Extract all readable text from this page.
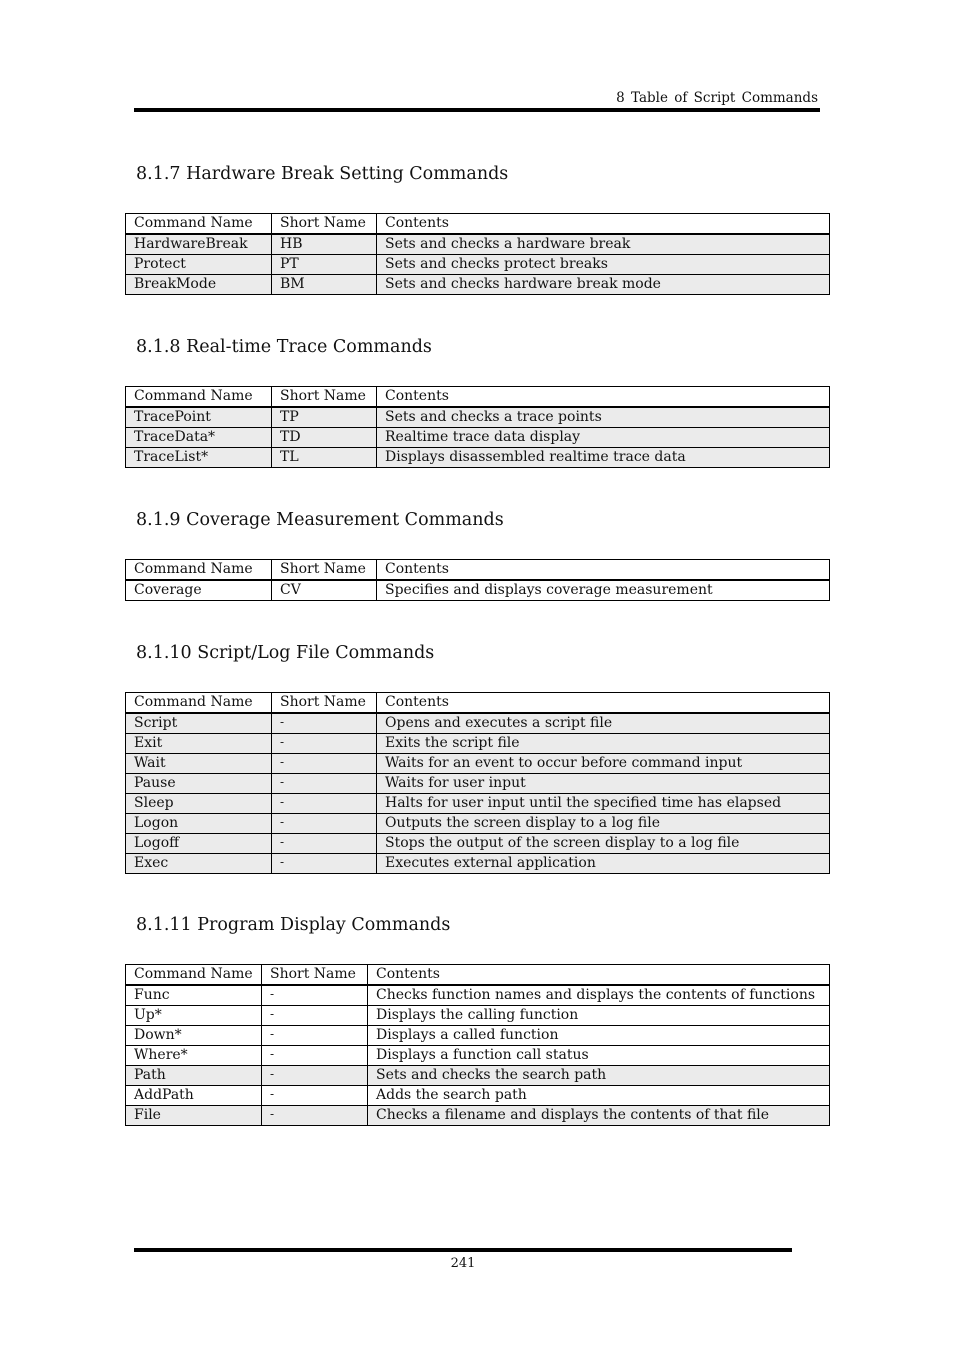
8 Table of Script Commands
8.1.7 Hardware Break Setting Commands
Command Name	Short Name	Contents
HardwareBreak	HB	Sets and checks a hardware break
Protect	PT	Sets and checks protect breaks
BreakMode	BM	Sets and checks hardware break mode
8.1.8 Real-time Trace Commands
Command Name	Short Name	Contents
TracePoint	TP	Sets and checks a trace points
TraceData*	TD	Realtime trace data display
TraceList*	TL	Displays disassembled realtime trace data
8.1.9 Coverage Measurement Commands
Command Name	Short Name	Contents
Coverage	CV	Specifies and displays coverage measurement
8.1.10 Script/Log File Commands
Command Name	Short Name	Contents
Script	-	Opens and executes a script file
Exit	-	Exits the script file
Wait	-	Waits for an event to occur before command input
Pause	-	Waits for user input
Sleep	-	Halts for user input until the specified time has elapsed
Logon	-	Outputs the screen display to a log file
Logoff	-	Stops the output of the screen display to a log file
Exec	-	Executes external application
8.1.11 Program Display Commands
Command Name	Short Name	Contents
Func	-	Checks function names and displays the contents of functions
Up*	-	Displays the calling function
Down*	-	Displays a called function
Where*	-	Displays a function call status
Path	-	Sets and checks the search path
AddPath	-	Adds the search path
File	-	Checks a filename and displays the contents of that file
241
